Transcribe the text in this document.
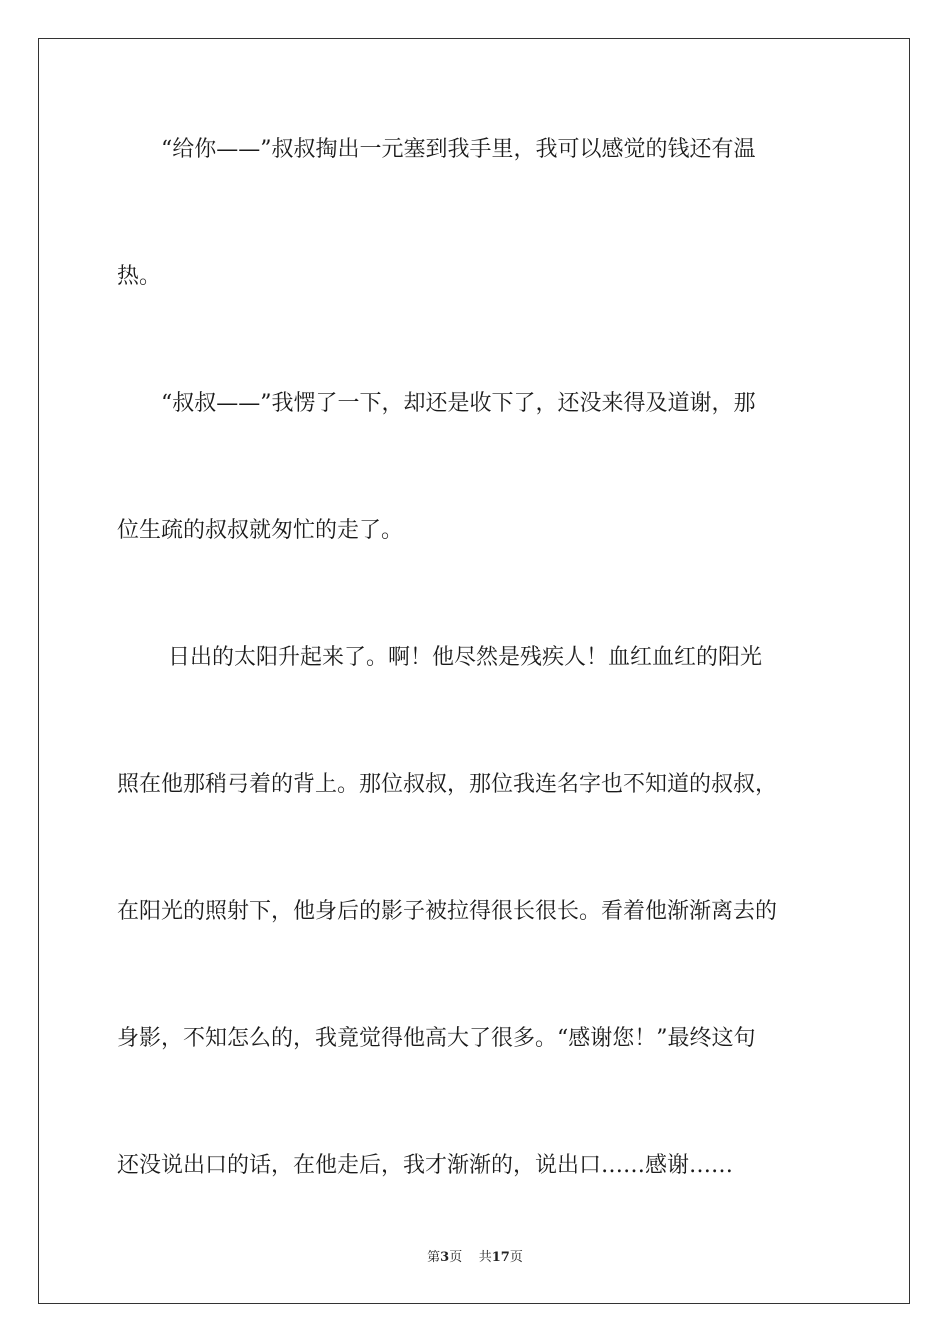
　　“给你——”叔叔掏出一元塞到我手里，我可以感觉的钱还有温
热。
　　“叔叔——”我愣了一下，却还是收下了，还没来得及道谢，那
位生疏的叔叔就匆忙的走了。
　　 日出的太阳升起来了。啊！他尽然是残疾人！血红血红的阳光
照在他那稍弓着的背上。那位叔叔，那位我连名字也不知道的叔叔，
在阳光的照射下，他身后的影子被拉得很长很长。看着他渐渐离去的
身影，不知怎么的，我竟觉得他高大了很多。“感谢您！”最终这句
还没说出口的话，在他走后，我才渐渐的，说出口……感谢……
第3页 共17页
